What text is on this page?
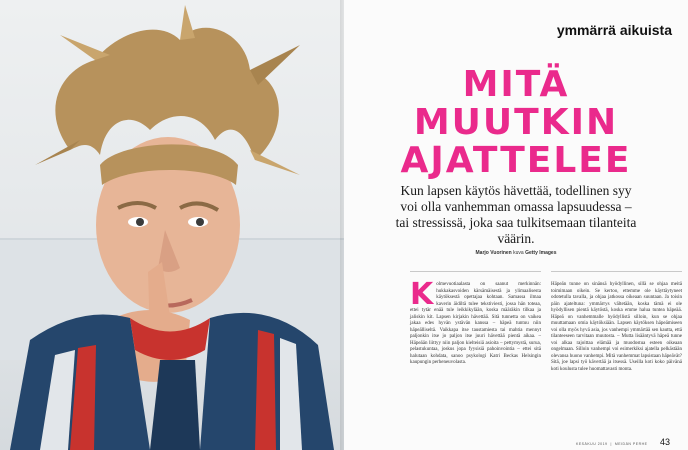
ymmärrä aikuista
MITÄ
MUUTKIN
AJATTELEE

Kun lapsen käytös hävettää, todellinen syy voi olla vanhemman omassa lapsuudessa – tai stressissä, joka saa tulkitsemaan tilanteita väärin.

Marjo Vuorinen kuva Getty Images

K olmevuotiaalasta on saanut merkinnän: hukkakasvoiden kärsämäisestä ja ylimaalisesta käytöksestä opettajaa kohtaan. Samassa ilmaa kaverin äidiltä tulee tekstiviesti, jossa hän toteaa, ettei tytär enää tule leikkikylään, koska määräkin tilkaa ja jaliskin kit. Lapsen kirjakin hävettää. Sitä tunnetta on vaikea jakaa edes hyvän ystävän kanssa – häpeä tuntuu niin häpeälliseltä. Vaikkapa itse taustamiesta tai mahtia mennyt paljonkin itse jo paljon itse juuri hävettää pientä aikaa. – Häpeään liittyy niin paljon kielteisiä asioita – pettymystä, surua, pelastukuntaa, joskus jopa fyysisiä pahoinvointia – ettei sitä halutaan kohdata, sanoo psykologi Katri Beckas Helsingin kaupungin perheneuvolasta.

Häpeän tunne on sinänsä hyödyllinen, sillä se ohjaa meitä toimimaan oikein. Se kertoo, ettemme ole käyttäytyneet odotetulla tavalla, ja ohjaa jatkossa oikeaan suuntaan. Ja toisin päin ajateltuna: ymmärrys vältetään, koska tämä ei ole hyödyllisen pientä käytöstä, koska emme halua tuntea häpeää. Häpeä on vanhemmalle hyödyllistä silloin, kun se ohjaa muuttamaan omia käytöksiään. Lapsen käytöksen häpeämiseen voi olla myös hyvä asia, jos vanhempi ymmärtää sen kautta, että tilanteeseen tarvitaan muutosta. – Mutta lisääntyvä häpeä tunne voi alkaa rajoittaa elämää ja muodostua esteen oikeaan ongelmaan. Silloin vanhempi voi esimerkiksi ajatella pelkästään olevansa huono vanhempi. Mitä vanhemmat lapsistaan häpeävät? Sitä, joe lapsi työ kävertää ja itsessä. Useilla koti koko päivänä koti koulusta tulee huomattavasti monta.

KESÄKUU 2019  |  MEIDÄN PERHE 43
